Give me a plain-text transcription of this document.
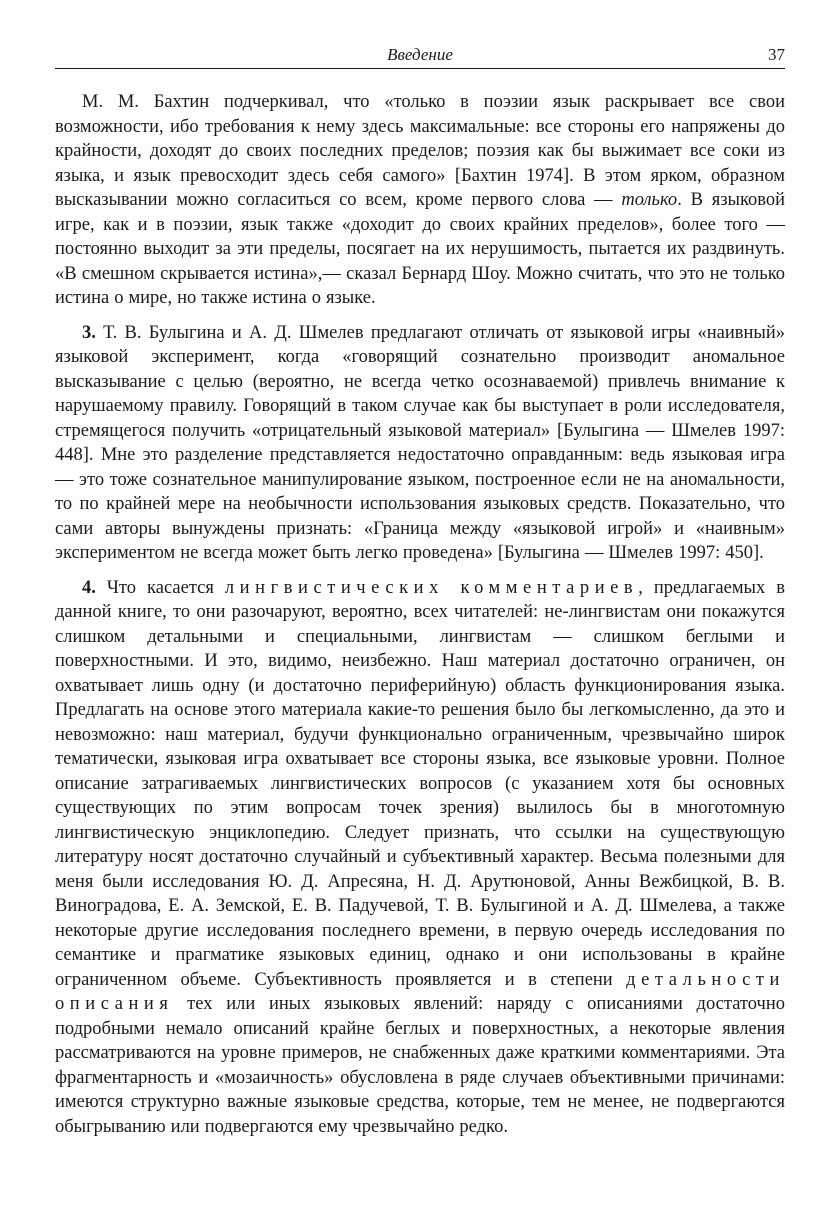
Введение	37

М. М. Бахтин подчеркивал, что «только в поэзии язык раскрывает все свои возможности, ибо требования к нему здесь максимальные: все стороны его напряжены до крайности, доходят до своих последних пределов; поэзия как бы выжимает все соки из языка, и язык превосходит здесь себя самого» [Бахтин 1974]. В этом ярком, образном высказывании можно согласиться со всем, кроме первого слова — только. В языковой игре, как и в поэзии, язык также «доходит до своих крайних пределов», более того — постоянно выходит за эти пределы, посягает на их нерушимость, пытается их раздвинуть. «В смешном скрывается истина»,— сказал Бернард Шоу. Можно считать, что это не только истина о мире, но также истина о языке.

3. Т. В. Булыгина и А. Д. Шмелев предлагают отличать от языковой игры «наивный» языковой эксперимент, когда «говорящий сознательно производит аномальное высказывание с целью (вероятно, не всегда четко осознаваемой) привлечь внимание к нарушаемому правилу. Говорящий в таком случае как бы выступает в роли исследователя, стремящегося получить «отрицательный языковой материал» [Булыгина — Шмелев 1997: 448]. Мне это разделение представляется недостаточно оправданным: ведь языковая игра — это тоже сознательное манипулирование языком, построенное если не на аномальности, то по крайней мере на необычности использования языковых средств. Показательно, что сами авторы вынуждены признать: «Граница между «языковой игрой» и «наивным» экспериментом не всегда может быть легко проведена» [Булыгина — Шмелев 1997: 450].

4. Что касается лингвистических комментариев, предлагаемых в данной книге, то они разочаруют, вероятно, всех читателей: не-лингвистам они покажутся слишком детальными и специальными, лингвистам — слишком беглыми и поверхностными. И это, видимо, неизбежно. Наш материал достаточно ограничен, он охватывает лишь одну (и достаточно периферийную) область функционирования языка. Предлагать на основе этого материала какие-то решения было бы легкомысленно, да это и невозможно: наш материал, будучи функционально ограниченным, чрезвычайно широк тематически, языковая игра охватывает все стороны языка, все языковые уровни. Полное описание затрагиваемых лингвистических вопросов (с указанием хотя бы основных существующих по этим вопросам точек зрения) вылилось бы в многотомную лингвистическую энциклопедию. Следует признать, что ссылки на существующую литературу носят достаточно случайный и субъективный характер. Весьма полезными для меня были исследования Ю. Д. Апресяна, Н. Д. Арутюновой, Анны Вежбицкой, В. В. Виноградова, Е. А. Земской, Е. В. Падучевой, Т. В. Булыгиной и А. Д. Шмелева, а также некоторые другие исследования последнего времени, в первую очередь исследования по семантике и прагматике языковых единиц, однако и они использованы в крайне ограниченном объеме. Субъективность проявляется и в степени детальности описания тех или иных языковых явлений: наряду с описаниями достаточно подробными немало описаний крайне беглых и поверхностных, а некоторые явления рассматриваются на уровне примеров, не снабженных даже краткими комментариями. Эта фрагментарность и «мозаичность» обусловлена в ряде случаев объективными причинами: имеются структурно важные языковые средства, которые, тем не менее, не подвергаются обыгрыванию или подвергаются ему чрезвычайно редко.
